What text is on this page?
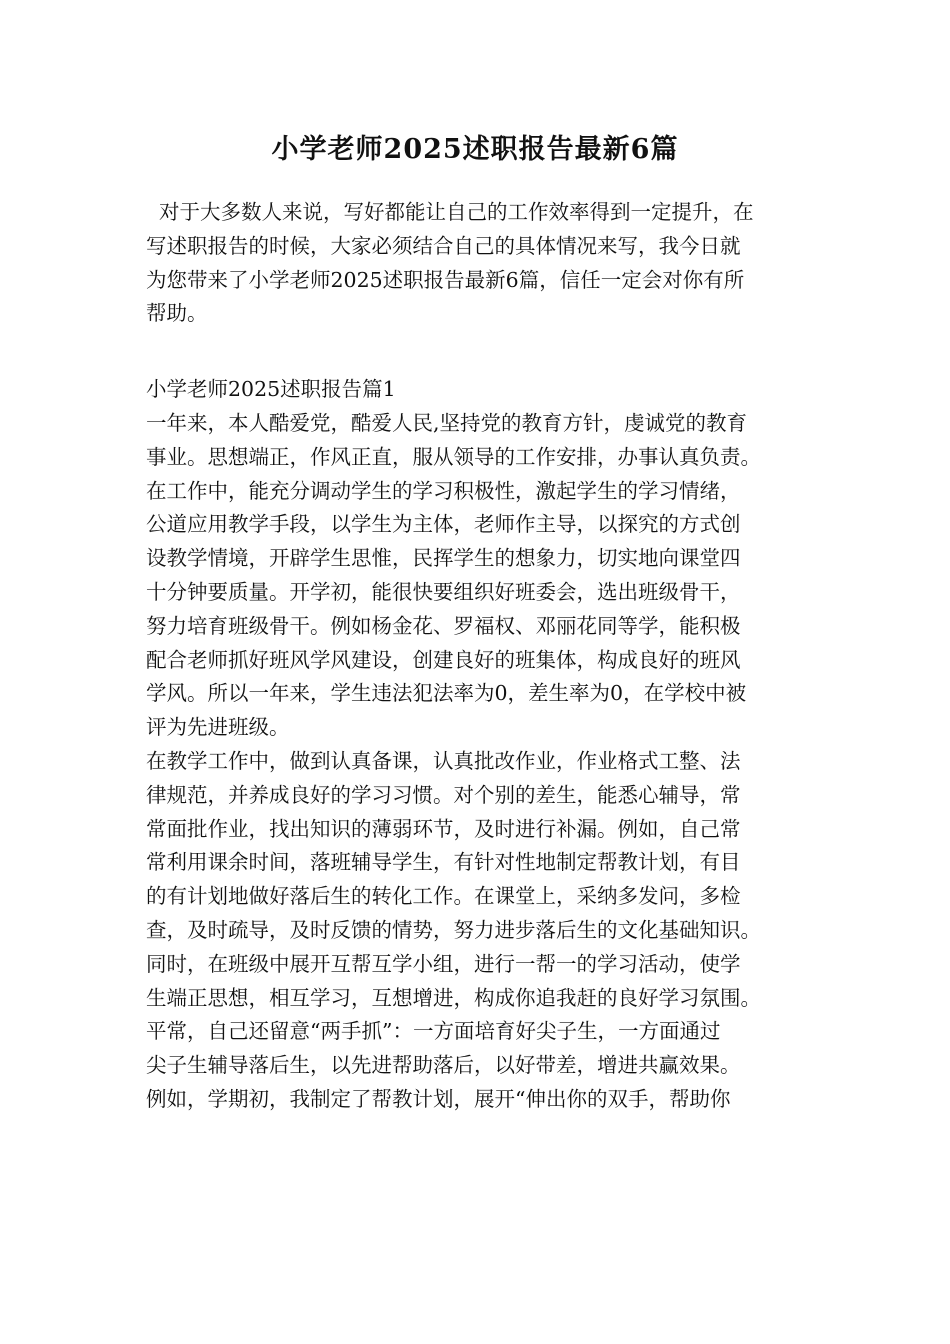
小学老师2025述职报告最新6篇
对于大多数人来说，写好都能让自己的工作效率得到一定提升，在
写述职报告的时候，大家必须结合自己的具体情况来写，我今日就
为您带来了小学老师2025述职报告最新6篇，信任一定会对你有所
帮助。
小学老师2025述职报告篇1
一年来，本人酷爱党，酷爱人民,坚持党的教育方针，虔诚党的教育
事业。思想端正，作风正直，服从领导的工作安排，办事认真负责。
在工作中，能充分调动学生的学习积极性，激起学生的学习情绪，
公道应用教学手段，以学生为主体，老师作主导，以探究的方式创
设教学情境，开辟学生思惟，民挥学生的想象力，切实地向课堂四
十分钟要质量。开学初，能很快要组织好班委会，选出班级骨干，
努力培育班级骨干。例如杨金花、罗福权、邓丽花同等学，能积极
配合老师抓好班风学风建设，创建良好的班集体，构成良好的班风
学风。所以一年来，学生违法犯法率为0，差生率为0，在学校中被
评为先进班级。
在教学工作中，做到认真备课，认真批改作业，作业格式工整、法
律规范，并养成良好的学习习惯。对个别的差生，能悉心辅导，常
常面批作业，找出知识的薄弱环节，及时进行补漏。例如，自己常
常利用课余时间，落班辅导学生，有针对性地制定帮教计划，有目
的有计划地做好落后生的转化工作。在课堂上，采纳多发问，多检
查，及时疏导，及时反馈的情势，努力进步落后生的文化基础知识。
同时，在班级中展开互帮互学小组，进行一帮一的学习活动，使学
生端正思想，相互学习，互想增进，构成你追我赶的良好学习氛围。
平常，自己还留意“两手抓”：一方面培育好尖子生，一方面通过
尖子生辅导落后生，以先进帮助落后，以好带差，增进共赢效果。
例如，学期初，我制定了帮教计划，展开“伸出你的双手，帮助你
